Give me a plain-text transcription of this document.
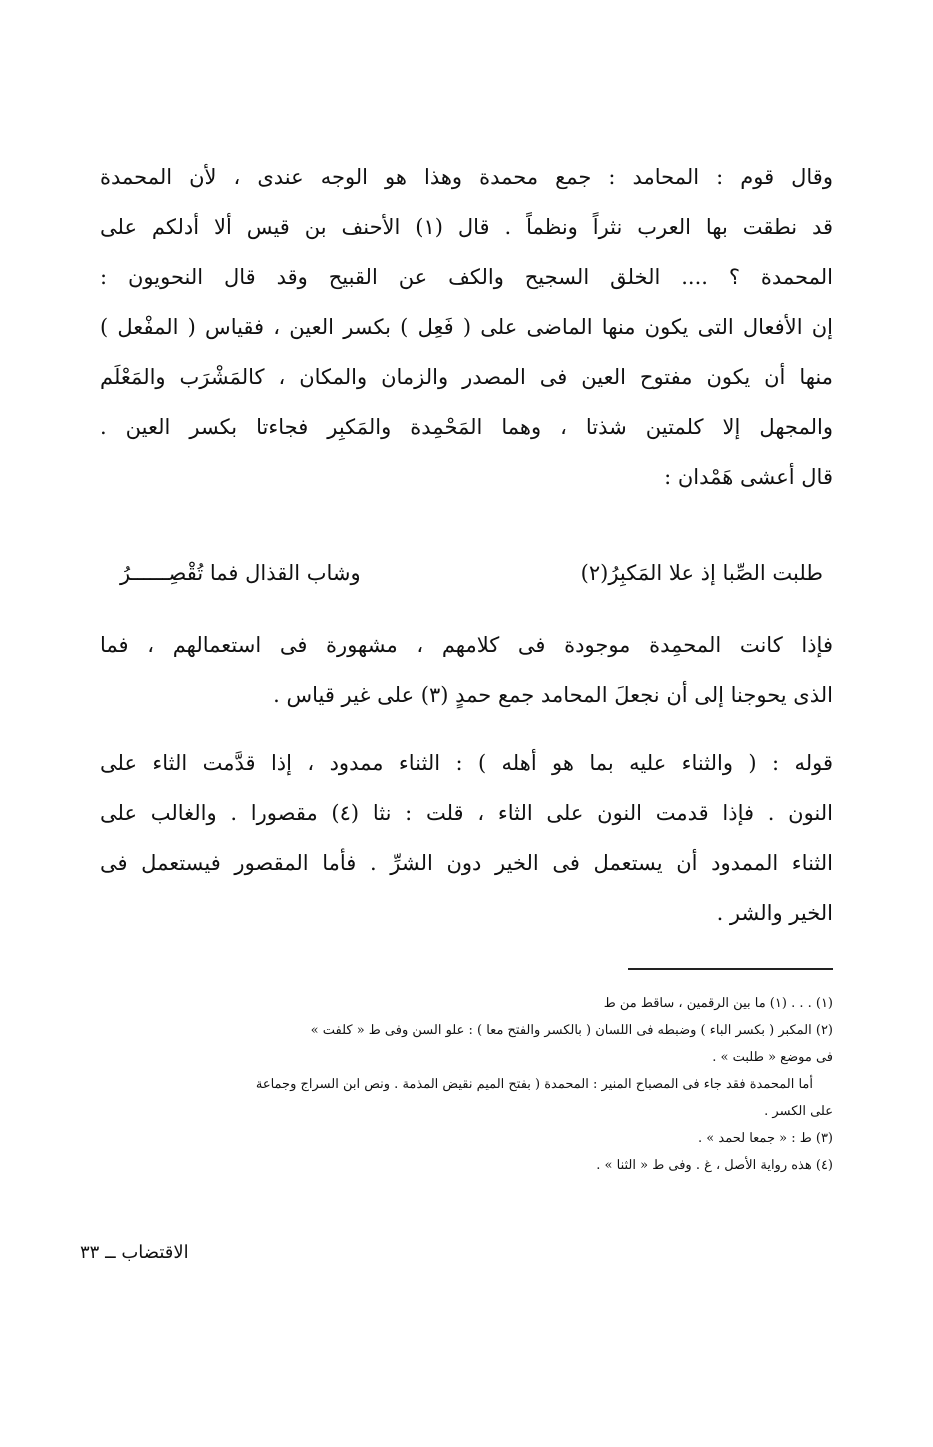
وقال قوم : المحامد : جمع محمدة وهذا هو الوجه عندى ، لأن المحمدة
قد نطقت بها العرب نثراً ونظماً . قال (١) الأحنف بن قيس ألا أدلكم على
المحمدة ؟ .... الخلق السجيح والكف عن القبيح وقد قال النحويون :
إن الأفعال التى يكون منها الماضى على ( فَعِل ) بكسر العين ، فقياس ( المفْعل )
منها أن يكون مفتوح العين فى المصدر والزمان والمكان ، كالمَشْرَب والمَعْلَم
والمجهل إلا كلمتين شذتا ، وهما المَحْمِدة والمَكبِر فجاءتا بكسر العين .
قال أعشى هَمْدان :
طلبت الصِّبا إذ علا المَكبِرُ(٢)
وشاب القذال فما تُقْصِــــــرُ
فإذا كانت المحمِدة موجودة فى كلامهم ، مشهورة فى استعمالهم ، فما
الذى يحوجنا إلى أن نجعلَ المحامد جمع حمدٍ (٣) على غير قياس .
قوله : ( والثناء عليه بما هو أهله ) : الثناء ممدود ، إذا قدَّمت الثاء على
النون . فإذا قدمت النون على الثاء ، قلت : نثا (٤) مقصورا . والغالب على
الثناء الممدود أن يستعمل فى الخير دون الشرِّ . فأما المقصور فيستعمل فى
الخير والشر .
(١) . . . (١) ما بين الرقمين ، ساقط من ط
(٢) المكبر ( بكسر الباء ) وضبطه فى اللسان ( بالكسر والفتح معا ) : علو السن وفى ط « كلفت »
فى موضع « طلبت » .
أما المحمدة فقد جاء فى المصباح المنير : المحمدة ( بفتح الميم نقيض المذمة . ونص ابن السراج وجماعة
على الكسر .
(٣) ط : « جمعا لحمد » .
(٤) هذه رواية الأصل ، غ . وفى ط « الثنا » .
الاقتضاب ــ ٣٣
